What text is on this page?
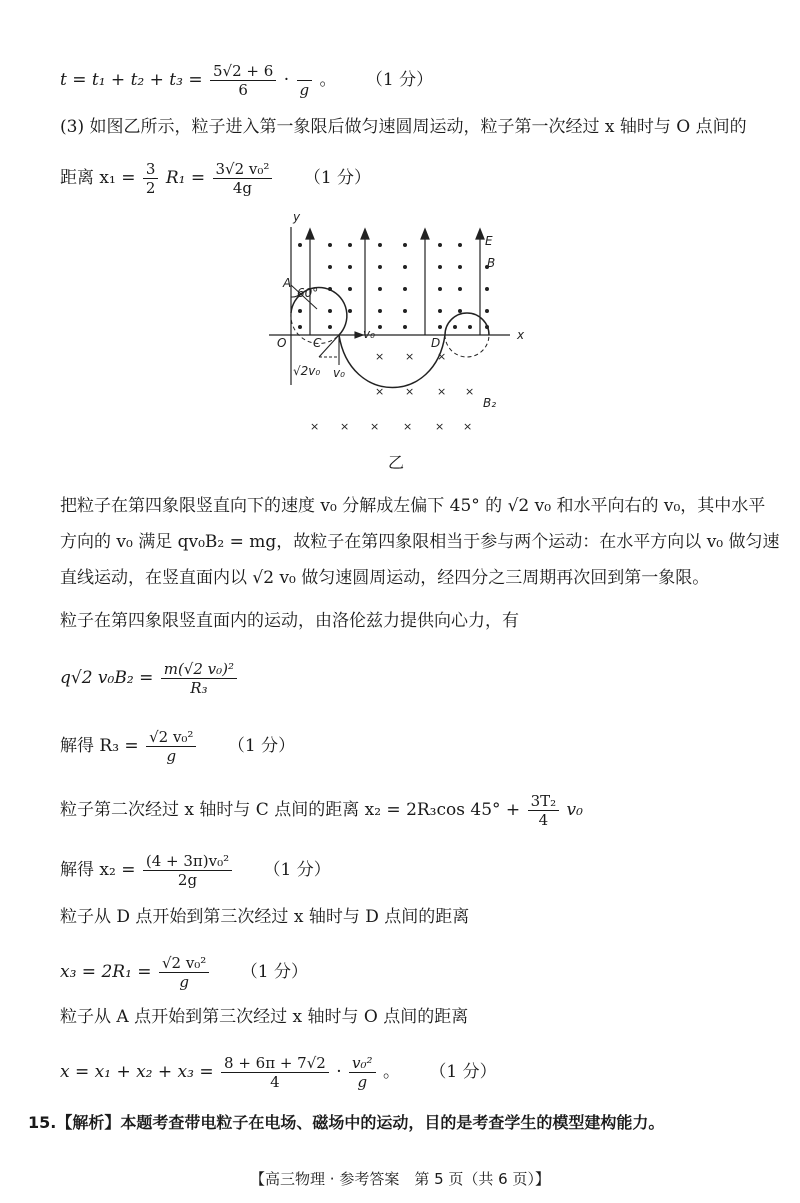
$t = t_1 + t_2 + t_3 = \frac{5√2 + 6}{6}$ ·
  g 。 （1 分）
(3) 如图乙所示，粒子进入第一象限后做匀速圆周运动，粒子第一次经过 x 轴时与 O 点间的
距离 $x_1 = \frac{3}{2} R_1 = \frac{\text{3√2 v₀²}}{4g} (1$ 分）
× × ×
× × × ×
× × × × × ×
y
x
E
B
B₂
A
60°
O C	D
v₀
v₀
√2v₀
乙
把粒子在第四象限竖直向下的速度 v₀ 分解成左偏下 45° 的 √2 v₀ 和水平向右的 v₀，其中水平方向的 v₀ 满足 qv₀B₂ = mg，故粒子在第四象限相当于参与两个运动：在水平方向以 v₀ 做匀速直线运动，在竖直面内以 √2 v₀ 做匀速圆周运动，经四分之三周期再次回到第一象限。
粒子在第四象限竖直面内的运动，由洛伦兹力提供向心力，有
q√2 $v_0B_2 = \frac{\text{m(√2 v₀)²}}{\text{R₃}}$
解得 $R_3 = \frac{\text{√2 v₀²}}{g} (1$ 分）
粒子第二次经过 x 轴时与 C 点间的距离 x₂ = 2R₃cos $45^\circ + \frac{\text{3T₂}}{4} v_0$
解得 $x_2 = \frac{\text{(4 + 3π)v₀²}}{2g} (1$ 分）
粒子从 D 点开始到第三次经过 x 轴时与 D 点间的距离
$x_3 = 2R_1 = \frac{\text{√2 v₀²}}{g} (1$ 分）
粒子从 A 点开始到第三次经过 x 轴时与 O 点间的距离
$x = x_1 + x_2 + x_3 = \frac{8 + 6\pi + 7√2}{4} \cdot \frac{\text{v₀²}}{g}$ 。 （1 分）
15.【解析】本题考查带电粒子在电场、磁场中的运动，目的是考查学生的模型建构能力。
【高三物理 · 参考答案　第 5 页（共 6 页）】
